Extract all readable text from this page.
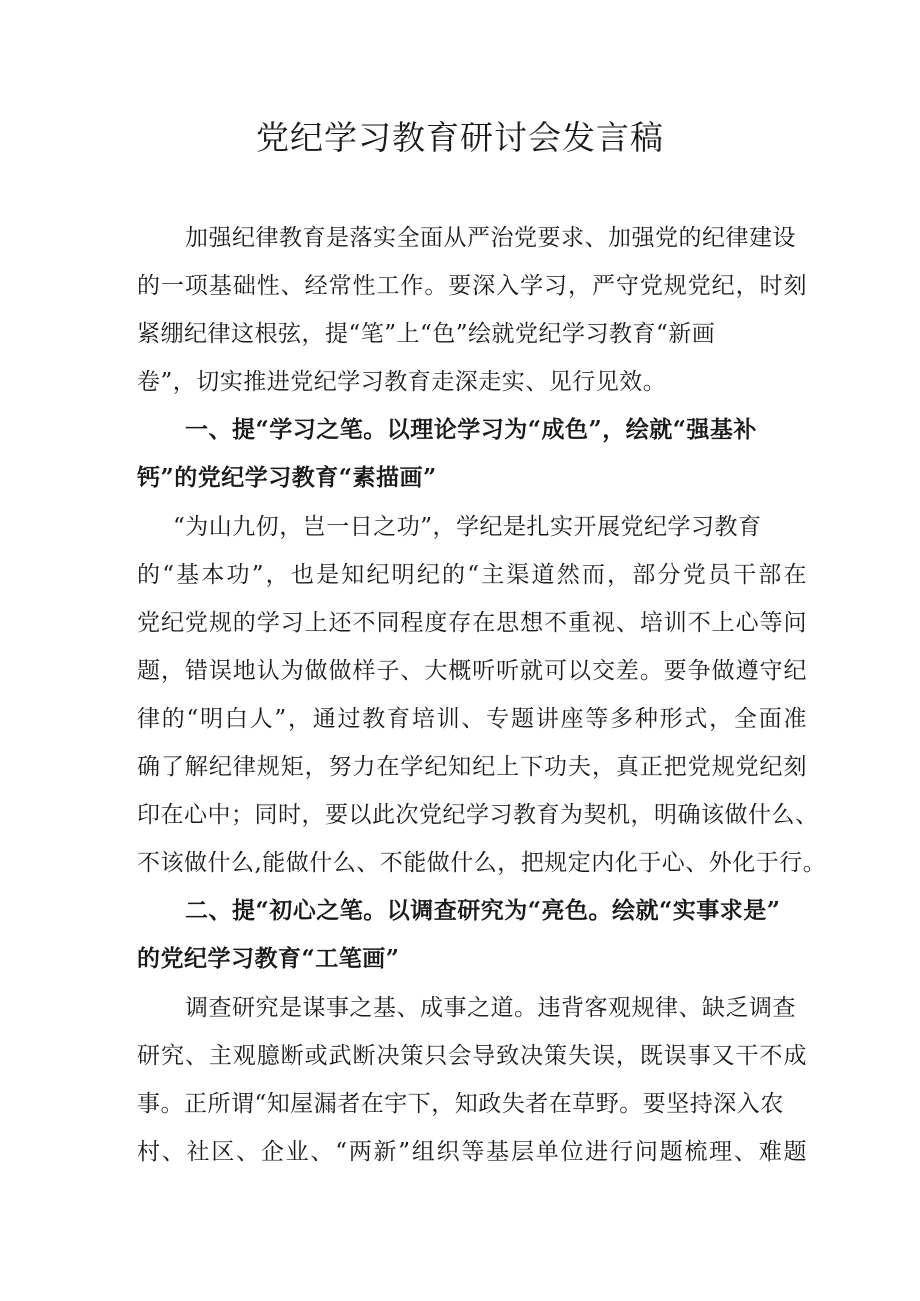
党纪学习教育研讨会发言稿
加强纪律教育是落实全面从严治党要求、加强党的纪律建设
的一项基础性、经常性工作。要深入学习，严守党规党纪，时刻
紧绷纪律这根弦，提“笔”上“色”绘就党纪学习教育“新画
卷”，切实推进党纪学习教育走深走实、见行见效。
一、提“学习之笔。以理论学习为“成色”，绘就“强基补
钙”的党纪学习教育“素描画”
“为山九仞，岂一日之功”，学纪是扎实开展党纪学习教育
的“基本功”，也是知纪明纪的“主渠道然而，部分党员干部在
党纪党规的学习上还不同程度存在思想不重视、培训不上心等问
题，错误地认为做做样子、大概听听就可以交差。要争做遵守纪
律的“明白人”，通过教育培训、专题讲座等多种形式，全面准
确了解纪律规矩，努力在学纪知纪上下功夫，真正把党规党纪刻
印在心中；同时，要以此次党纪学习教育为契机，明确该做什么、
不该做什么,能做什么、不能做什么，把规定内化于心、外化于行。
二、提“初心之笔。以调查研究为“亮色。绘就“实事求是”
的党纪学习教育“工笔画”
调查研究是谋事之基、成事之道。违背客观规律、缺乏调查
研究、主观臆断或武断决策只会导致决策失误，既误事又干不成
事。正所谓“知屋漏者在宇下，知政失者在草野。要坚持深入农
村、社区、企业、“两新”组织等基层单位进行问题梳理、难题
